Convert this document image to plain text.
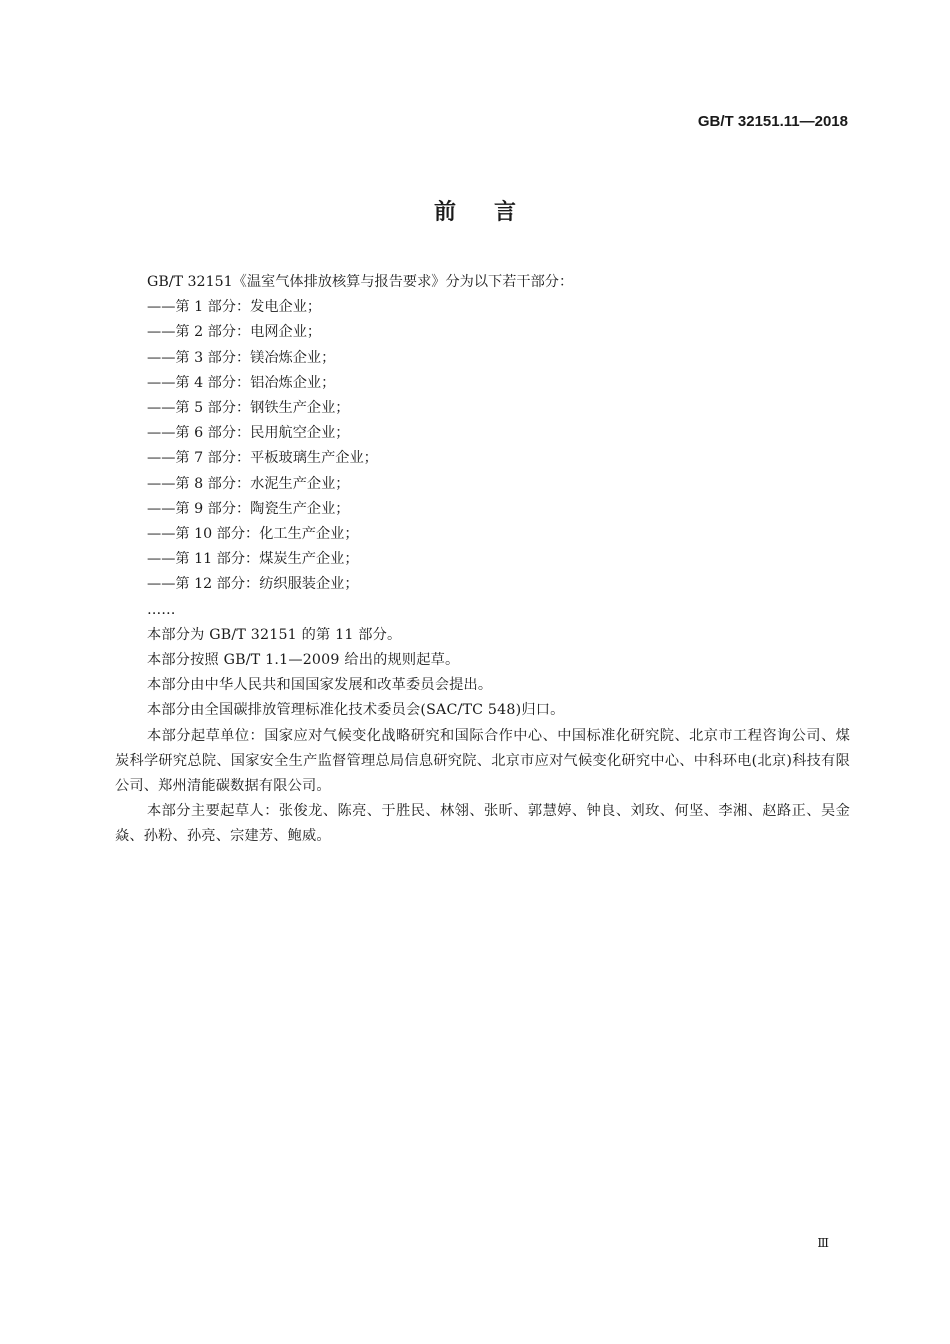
GB/T 32151.11—2018
前言

GB/T 32151《温室气体排放核算与报告要求》分为以下若干部分：

——第 1 部分：发电企业；

——第 2 部分：电网企业；

——第 3 部分：镁冶炼企业；

——第 4 部分：铝冶炼企业；

——第 5 部分：钢铁生产企业；

——第 6 部分：民用航空企业；

——第 7 部分：平板玻璃生产企业；

——第 8 部分：水泥生产企业；

——第 9 部分：陶瓷生产企业；

——第 10 部分：化工生产企业；

——第 11 部分：煤炭生产企业；

——第 12 部分：纺织服装企业；

……

本部分为 GB/T 32151 的第 11 部分。

本部分按照 GB/T 1.1—2009 给出的规则起草。

本部分由中华人民共和国国家发展和改革委员会提出。

本部分由全国碳排放管理标准化技术委员会(SAC/TC 548)归口。

本部分起草单位：国家应对气候变化战略研究和国际合作中心、中国标准化研究院、北京市工程咨询公司、煤炭科学研究总院、国家安全生产监督管理总局信息研究院、北京市应对气候变化研究中心、中科环电(北京)科技有限公司、郑州清能碳数据有限公司。

本部分主要起草人：张俊龙、陈亮、于胜民、林翎、张昕、郭慧婷、钟良、刘玫、何坚、李湘、赵路正、吴金焱、孙粉、孙亮、宗建芳、鲍威。

Ⅲ
